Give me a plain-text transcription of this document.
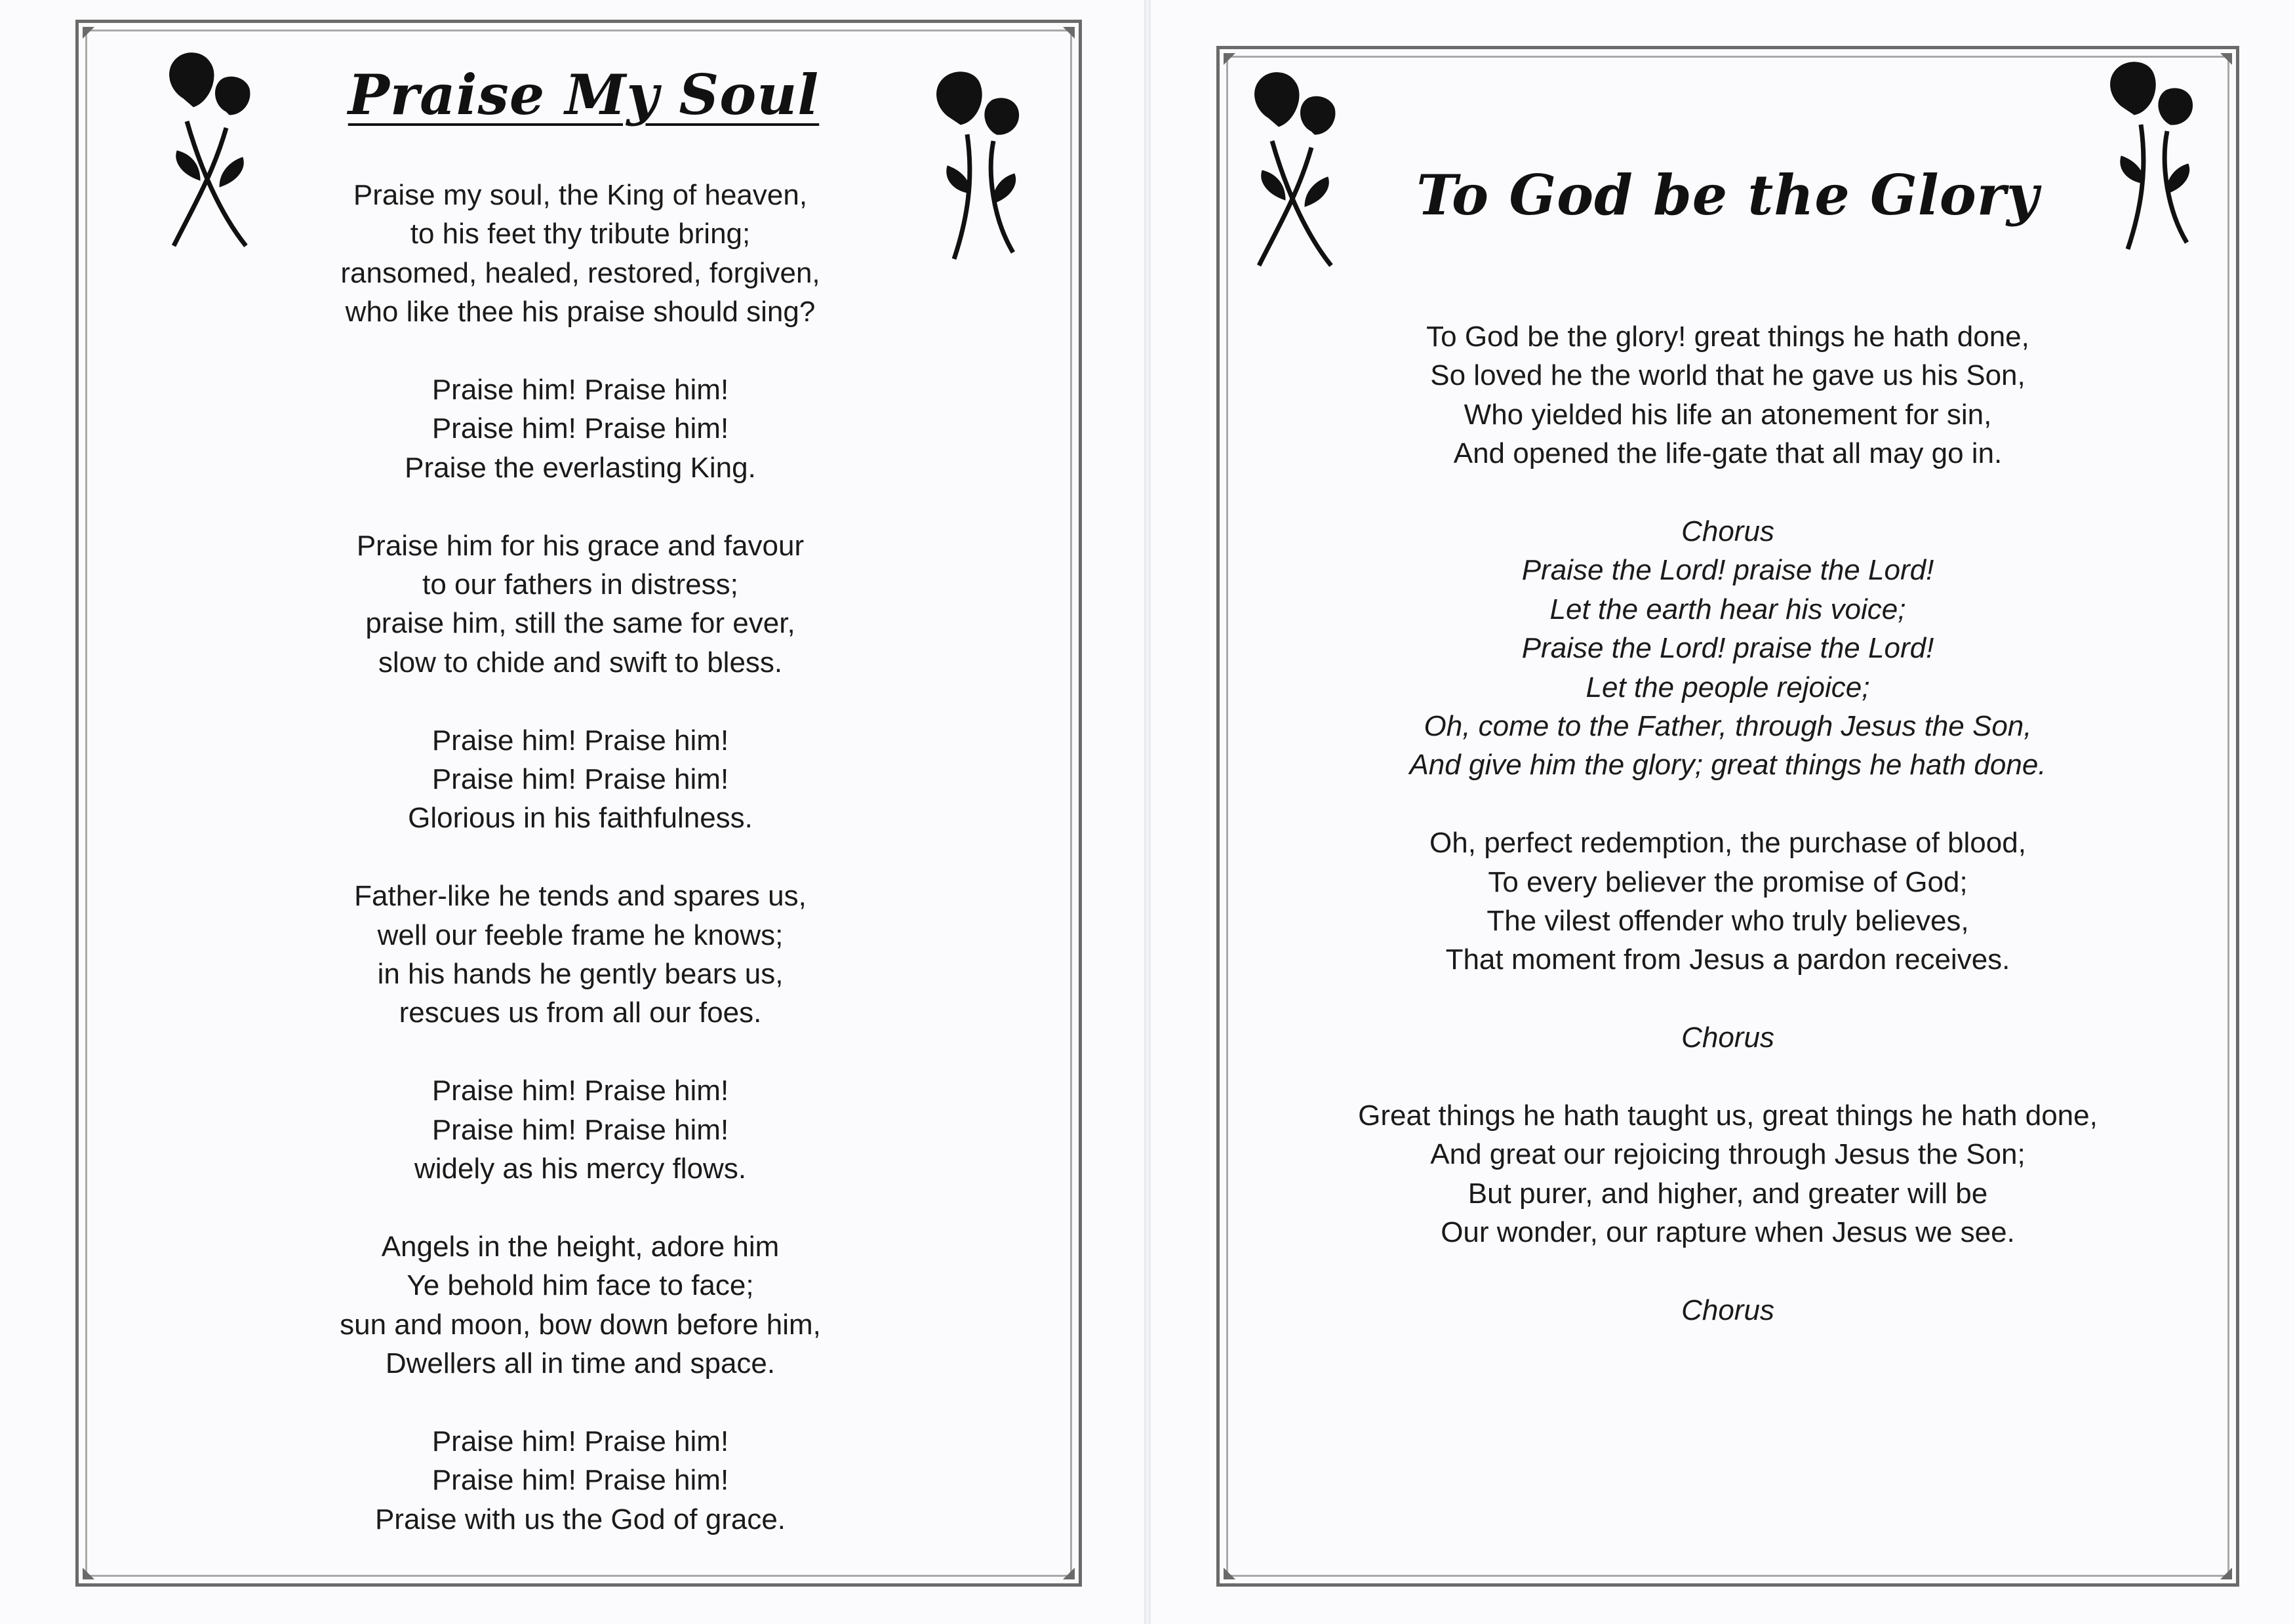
Praise My Soul
Praise my soul, the King of heaven,
to his feet thy tribute bring;
ransomed, healed, restored, forgiven,
who like thee his praise should sing?
Praise him! Praise him!
Praise him! Praise him!
Praise the everlasting King.
Praise him for his grace and favour
to our fathers in distress;
praise him, still the same for ever,
slow to chide and swift to bless.
Praise him! Praise him!
Praise him! Praise him!
Glorious in his faithfulness.
Father-like he tends and spares us,
well our feeble frame he knows;
in his hands he gently bears us,
rescues us from all our foes.
Praise him! Praise him!
Praise him! Praise him!
widely as his mercy flows.
Angels in the height, adore him
Ye behold him face to face;
sun and moon, bow down before him,
Dwellers all in time and space.
Praise him! Praise him!
Praise him! Praise him!
Praise with us the God of grace.
To God be the Glory
To God be the glory! great things he hath done,
So loved he the world that he gave us his Son,
Who yielded his life an atonement for sin,
And opened the life-gate that all may go in.
Chorus
Praise the Lord! praise the Lord!
Let the earth hear his voice;
Praise the Lord! praise the Lord!
Let the people rejoice;
Oh, come to the Father, through Jesus the Son,
And give him the glory; great things he hath done.
Oh, perfect redemption, the purchase of blood,
To every believer the promise of God;
The vilest offender who truly believes,
That moment from Jesus a pardon receives.
Chorus
Great things he hath taught us, great things he hath done,
And great our rejoicing through Jesus the Son;
But purer, and higher, and greater will be
Our wonder, our rapture when Jesus we see.
Chorus
